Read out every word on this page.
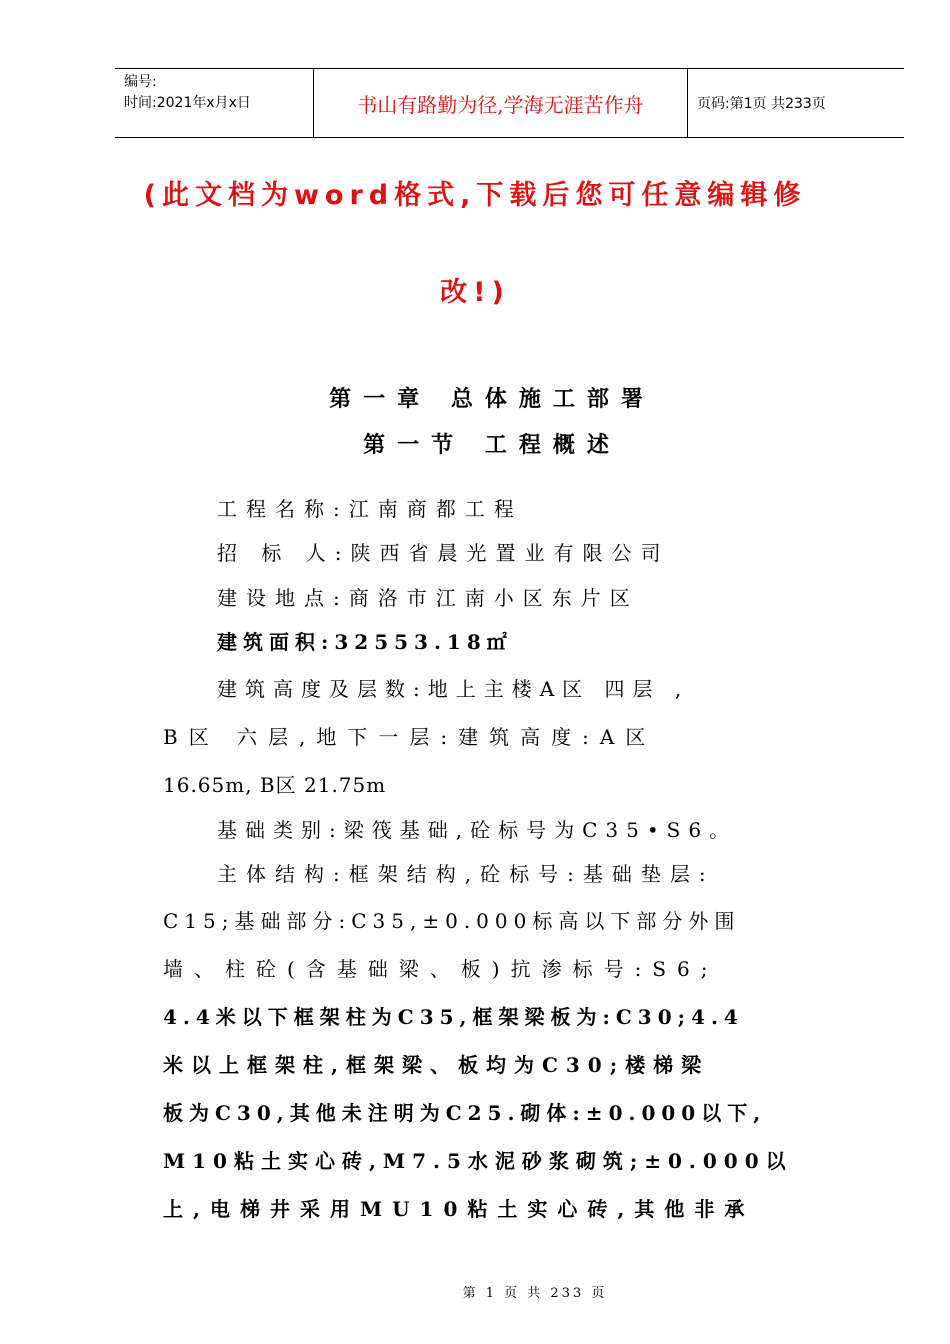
编号:
时间:2021年x月x日	书山有路勤为径,学海无涯苦作舟	页码:第1页 共233页
(此文档为word格式,下载后您可任意编辑修
改!)
第一章 总体施工部署
第一节 工程概述
工程名称:江南商都工程
招 标 人:陕西省晨光置业有限公司
建设地点:商洛市江南小区东片区
建筑面积:32553.18㎡
建筑高度及层数:地上主楼A区 四层 ,
B区 六层,地下一层:建筑高度:A区
16.65m, B区 21.75m
基础类别:梁筏基础,砼标号为C35•S6。
主体结构:框架结构,砼标号:基础垫层:
C15;基础部分:C35,±0.000标高以下部分外围
墙、柱砼(含基础梁、板)抗渗标号:S6;
4.4米以下框架柱为C35,框架梁板为:C30;4.4
米以上框架柱,框架梁、板均为C30;楼梯梁
板为C30,其他未注明为C25.砌体:±0.000以下,
M10粘土实心砖,M7.5水泥砂浆砌筑;±0.000以
上,电梯井采用MU10粘土实心砖,其他非承
第 1 页 共 233 页
